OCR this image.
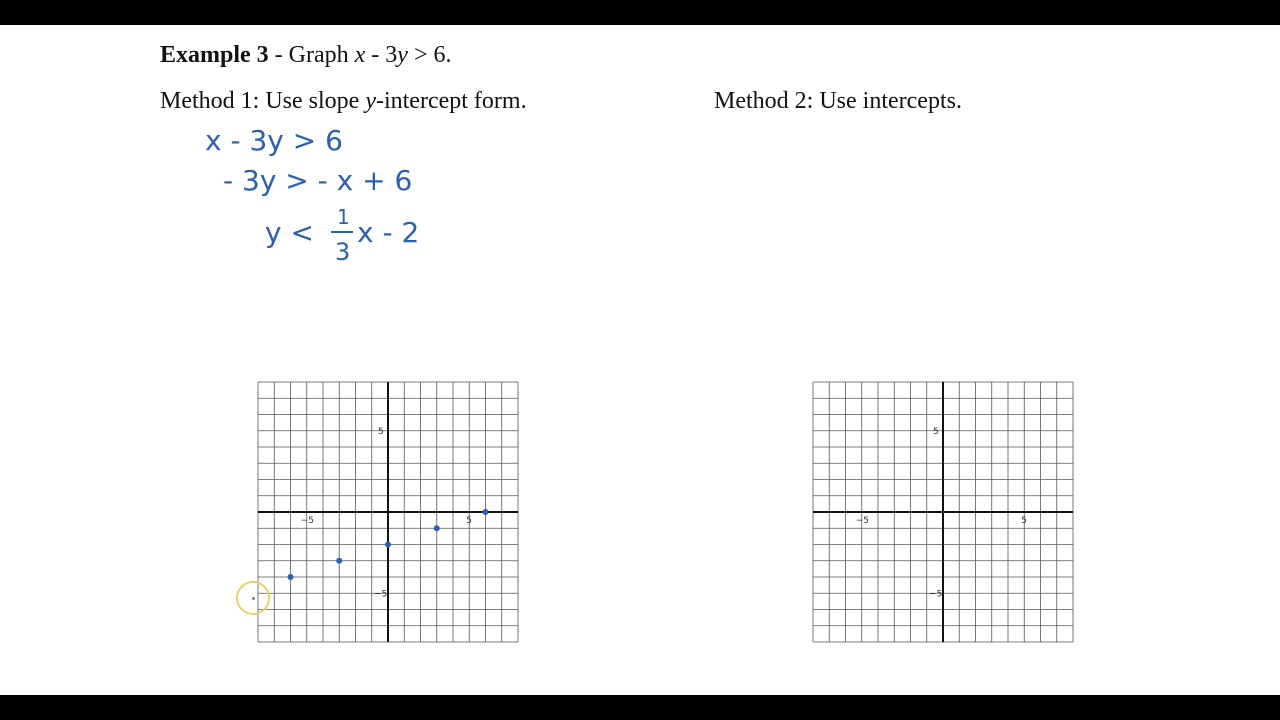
Example 3 - Graph x - 3y > 6.
Method 1: Use slope y-intercept form.	Method 2: Use intercepts.
x - 3y > 6
- 3y > - x + 6
y < 1
3
x - 2
−5	5
5
−5
−5	5
5
−5
